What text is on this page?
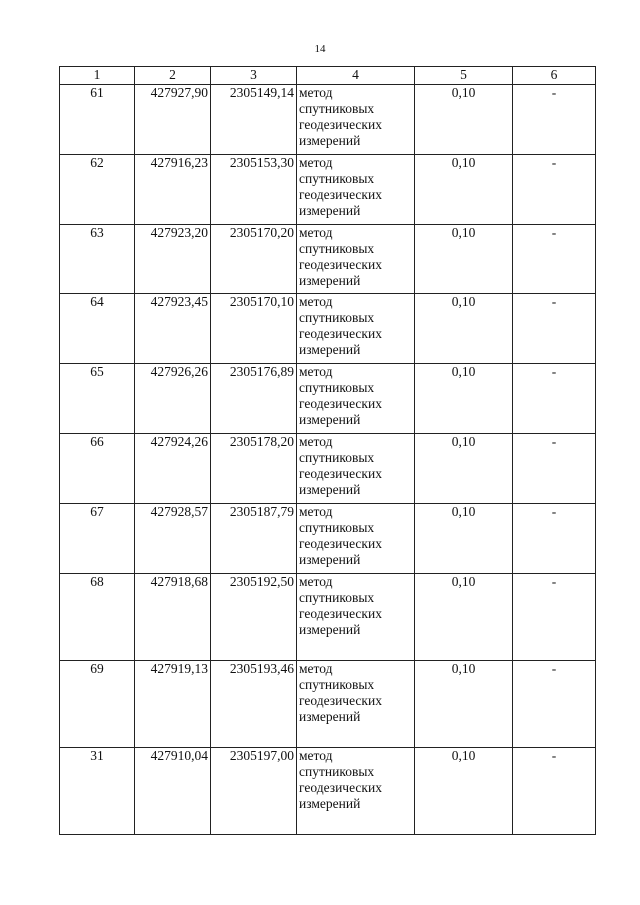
14
1	2	3	4	5	6
61	427927,90	2305149,14	метод
спутниковых
геодезических
измерений	0,10	-
62	427916,23	2305153,30	метод
спутниковых
геодезических
измерений	0,10	-
63	427923,20	2305170,20	метод
спутниковых
геодезических
измерений	0,10	-
64	427923,45	2305170,10	метод
спутниковых
геодезических
измерений	0,10	-
65	427926,26	2305176,89	метод
спутниковых
геодезических
измерений	0,10	-
66	427924,26	2305178,20	метод
спутниковых
геодезических
измерений	0,10	-
67	427928,57	2305187,79	метод
спутниковых
геодезических
измерений	0,10	-
68	427918,68	2305192,50	метод
спутниковых
геодезических
измерений	0,10	-
69	427919,13	2305193,46	метод
спутниковых
геодезических
измерений	0,10	-
31	427910,04	2305197,00	метод
спутниковых
геодезических
измерений	0,10	-
